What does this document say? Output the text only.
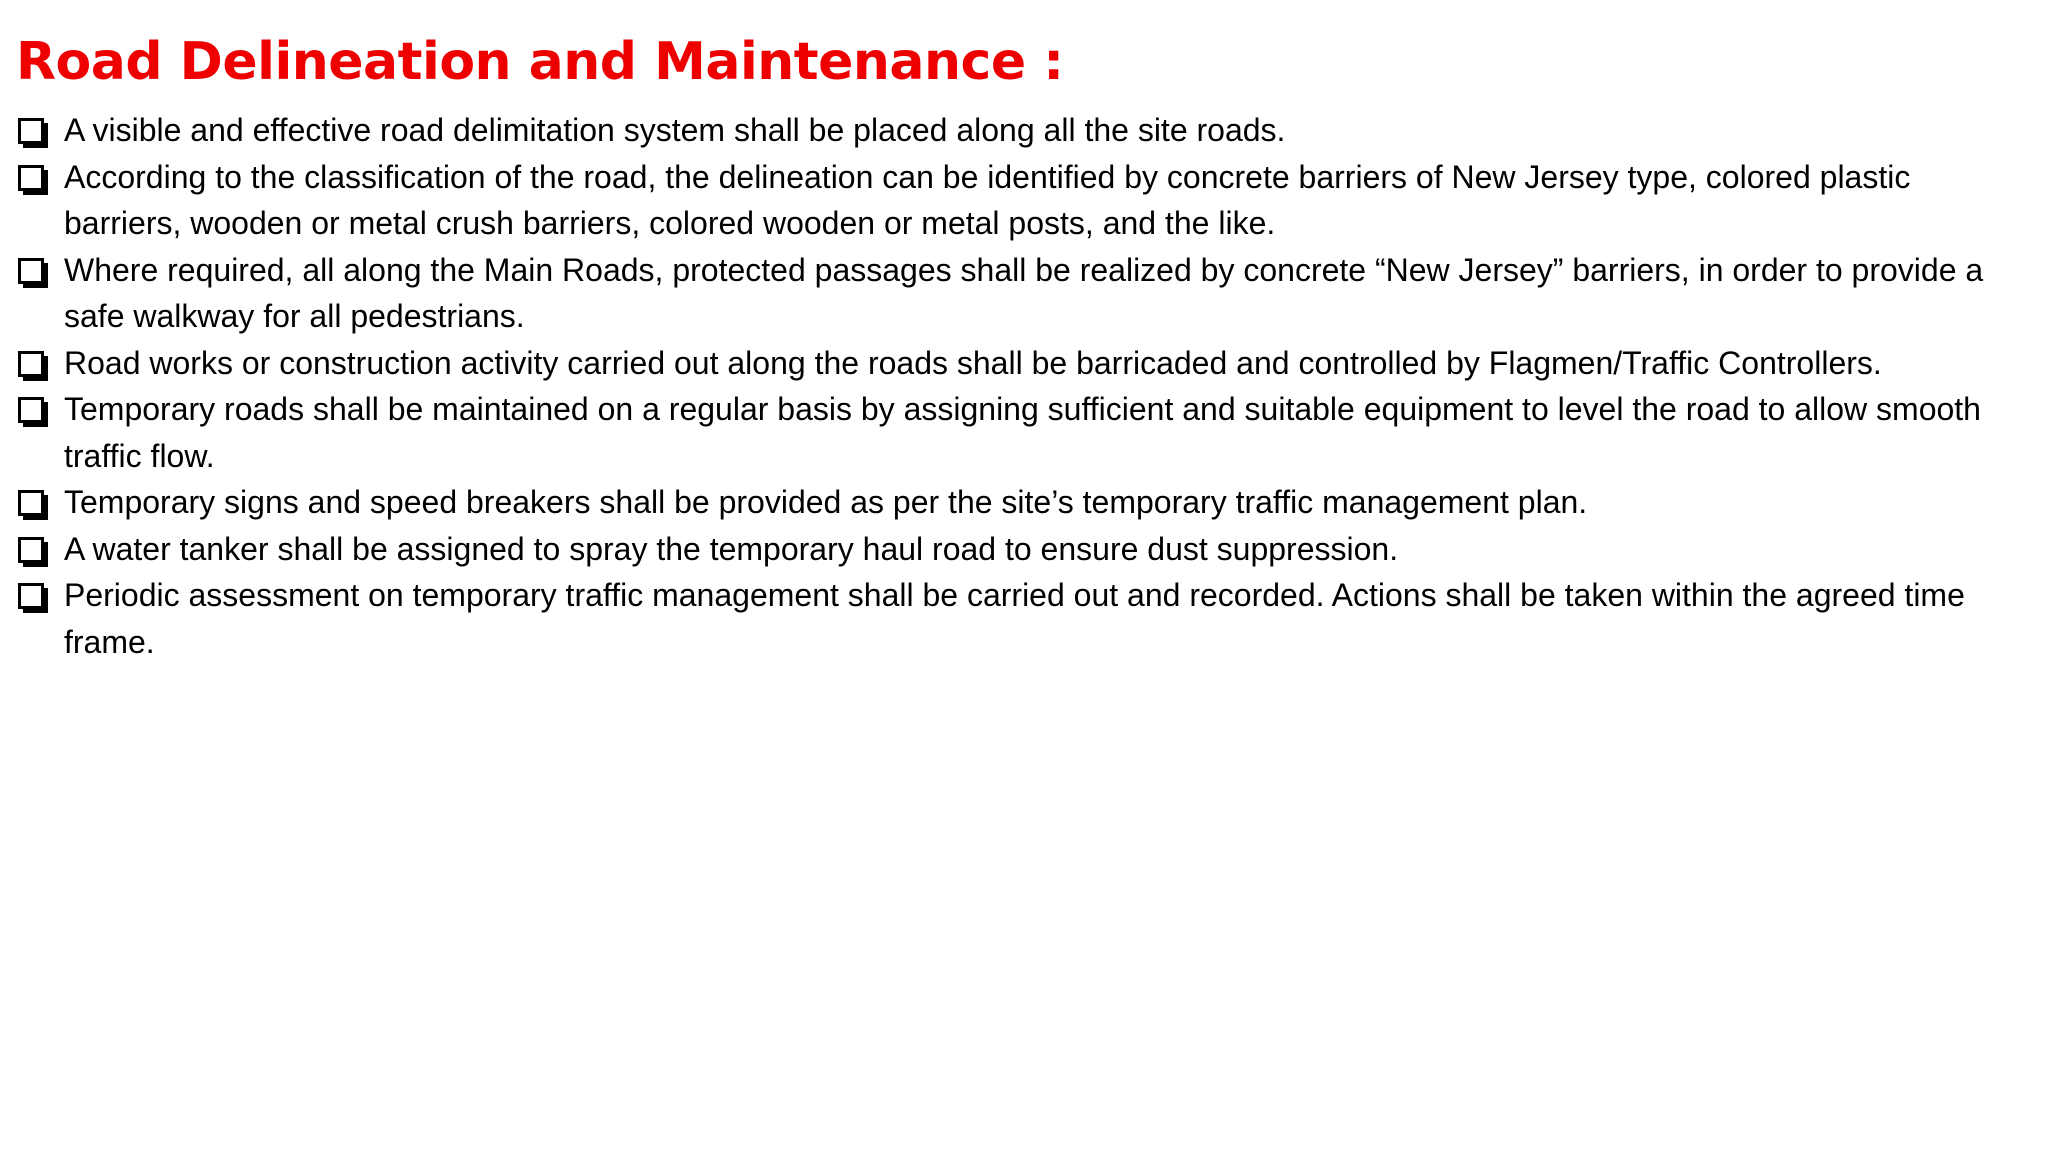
Road Delineation and Maintenance :
A visible and effective road delimitation system shall be placed along all the site roads.
According to the classification of the road, the delineation can be identified by concrete barriers of New Jersey type, colored plastic barriers, wooden or metal crush barriers, colored wooden or metal posts, and the like.
Where required, all along the Main Roads, protected passages shall be realized by concrete “New Jersey” barriers, in order to provide a safe walkway for all pedestrians.
Road works or construction activity carried out along the roads shall be barricaded and controlled by Flagmen/Traffic Controllers.
Temporary roads shall be maintained on a regular basis by assigning sufficient and suitable equipment to level the road to allow smooth traffic flow.
Temporary signs and speed breakers shall be provided as per the site’s temporary traffic management plan.
A water tanker shall be assigned to spray the temporary haul road to ensure dust suppression.
Periodic assessment on temporary traffic management shall be carried out and recorded. Actions shall be taken within the agreed time frame.
